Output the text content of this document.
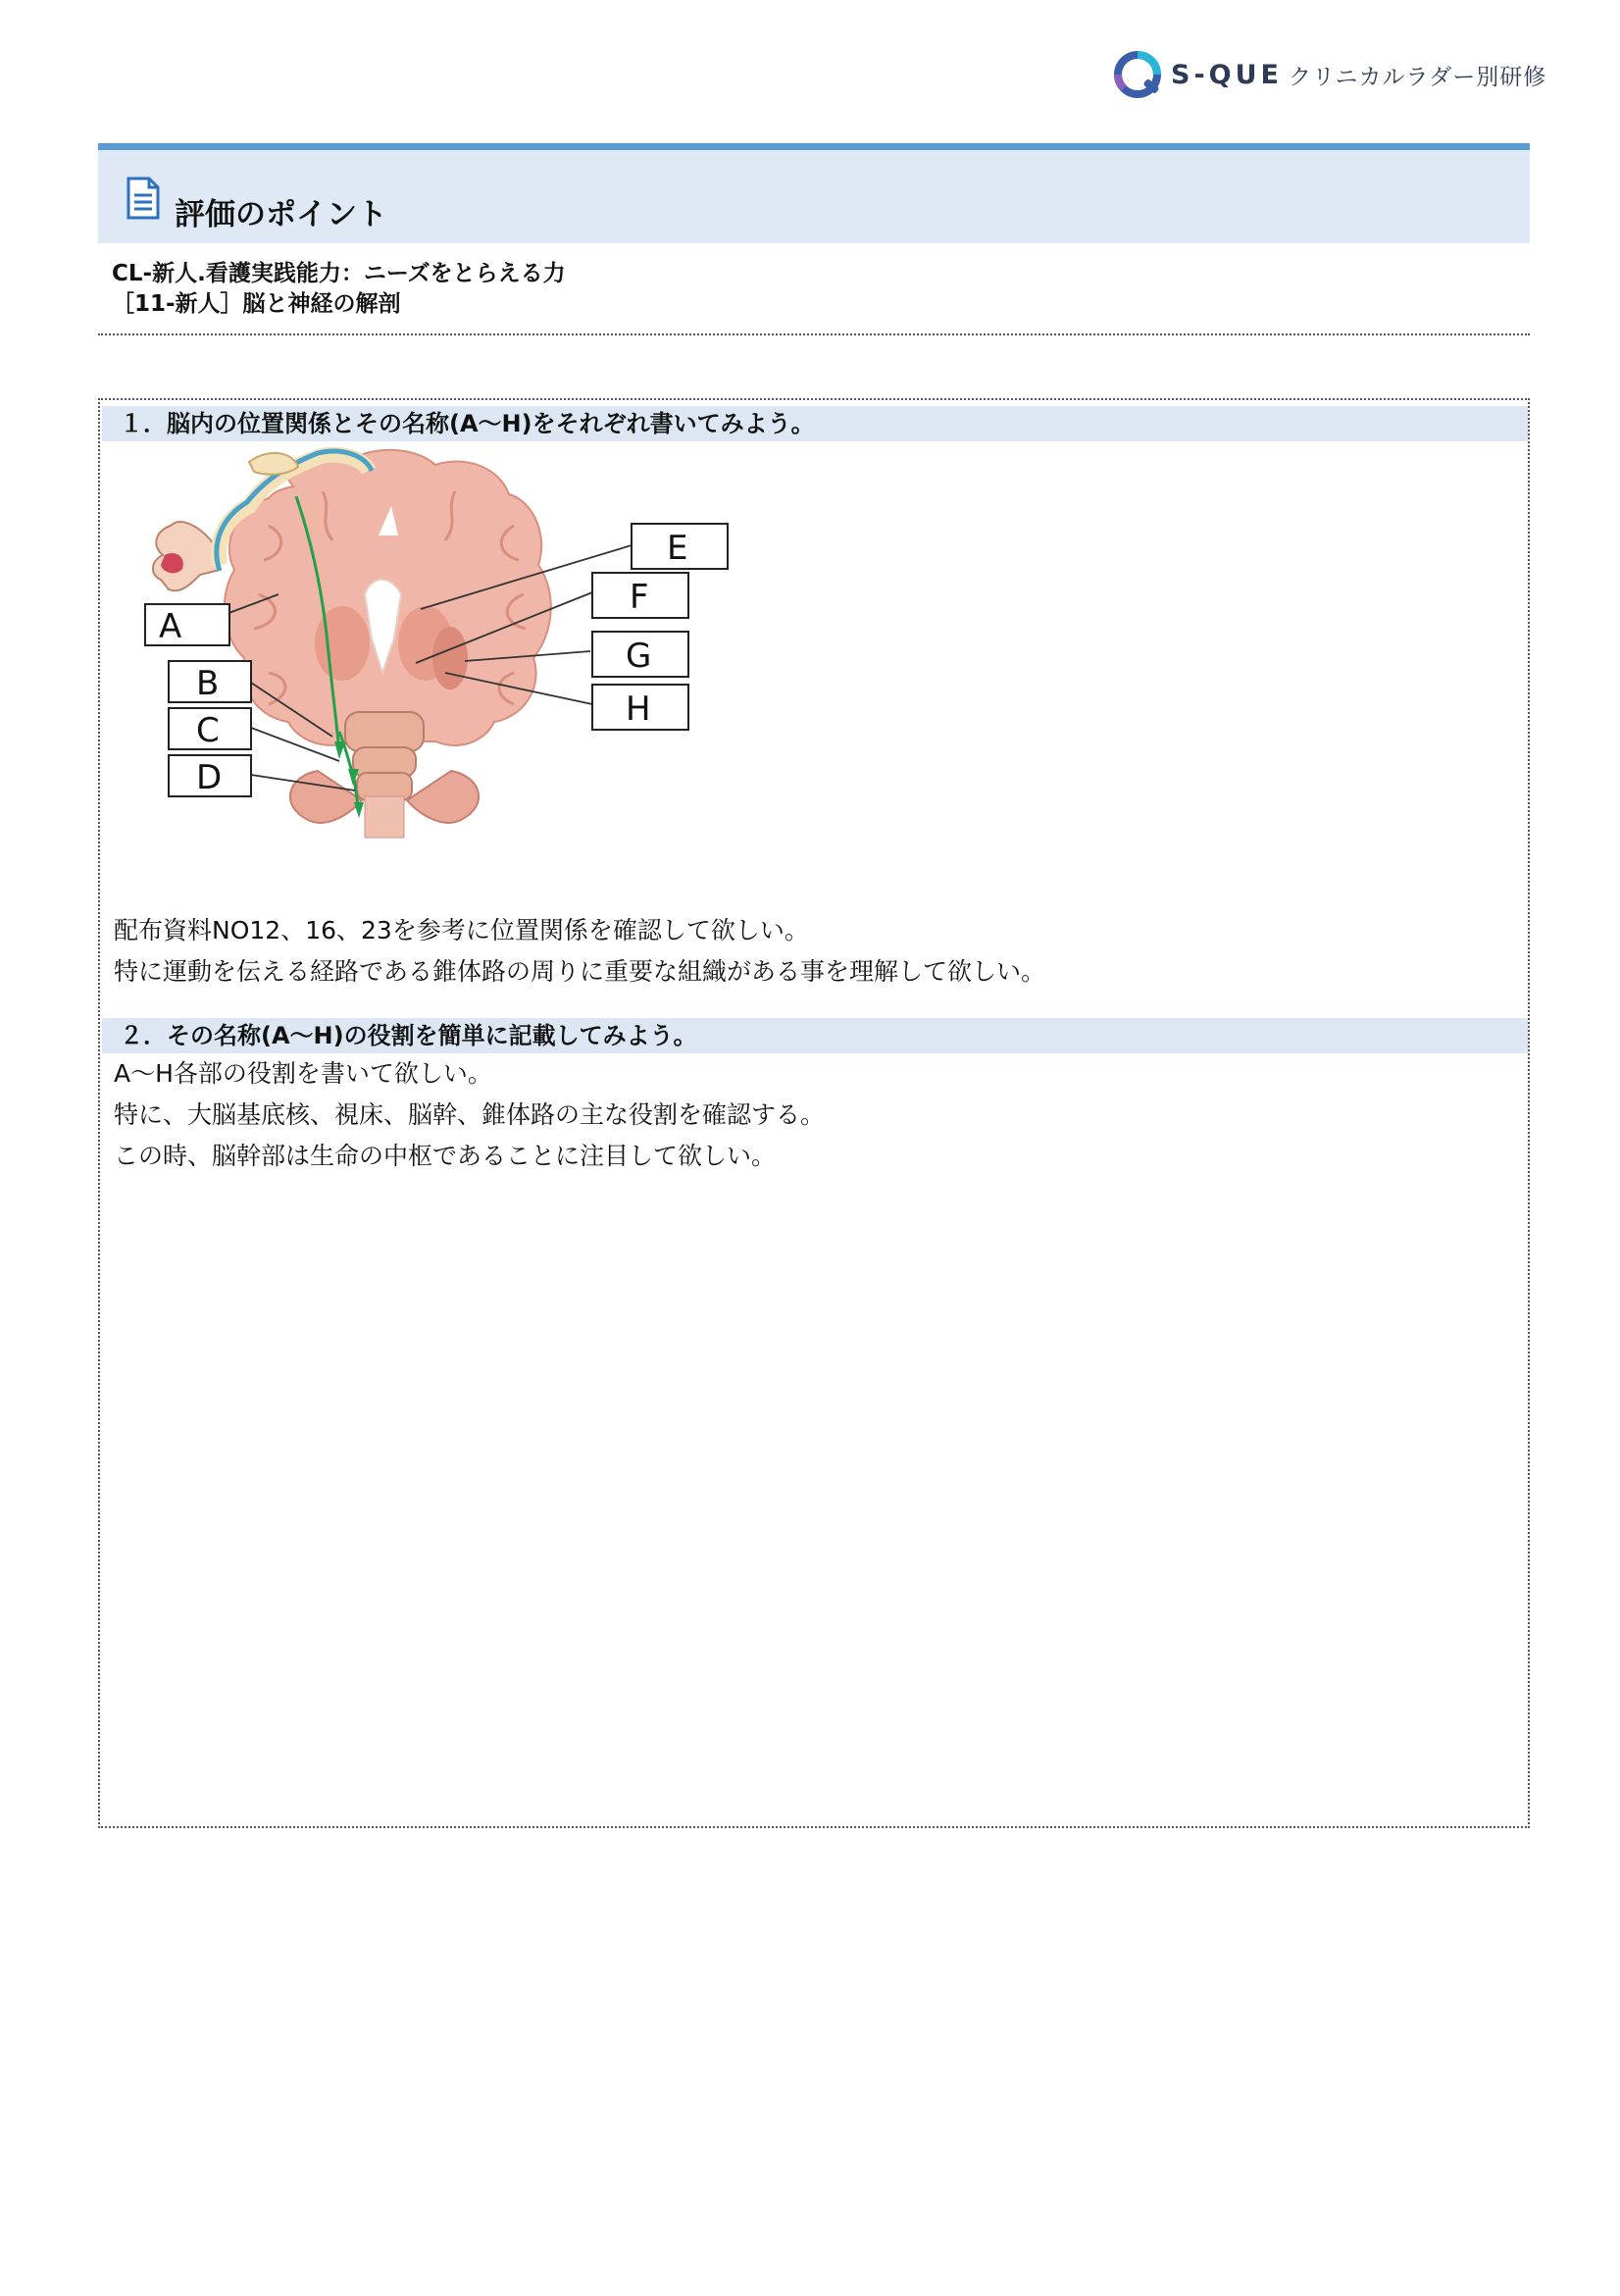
S-QUE クリニカルラダー別研修
評価のポイント
CL-新人.看護実践能力：ニーズをとらえる力
［11-新人］脳と神経の解剖
１．脳内の位置関係とその名称(A〜H)をそれぞれ書いてみよう。
A
B
C
D
E
F
G
H
配布資料NO12、16、23を参考に位置関係を確認して欲しい。
特に運動を伝える経路である錐体路の周りに重要な組織がある事を理解して欲しい。
２．その名称(A〜H)の役割を簡単に記載してみよう。
A〜H各部の役割を書いて欲しい。
特に、大脳基底核、視床、脳幹、錐体路の主な役割を確認する。
この時、脳幹部は生命の中枢であることに注目して欲しい。
